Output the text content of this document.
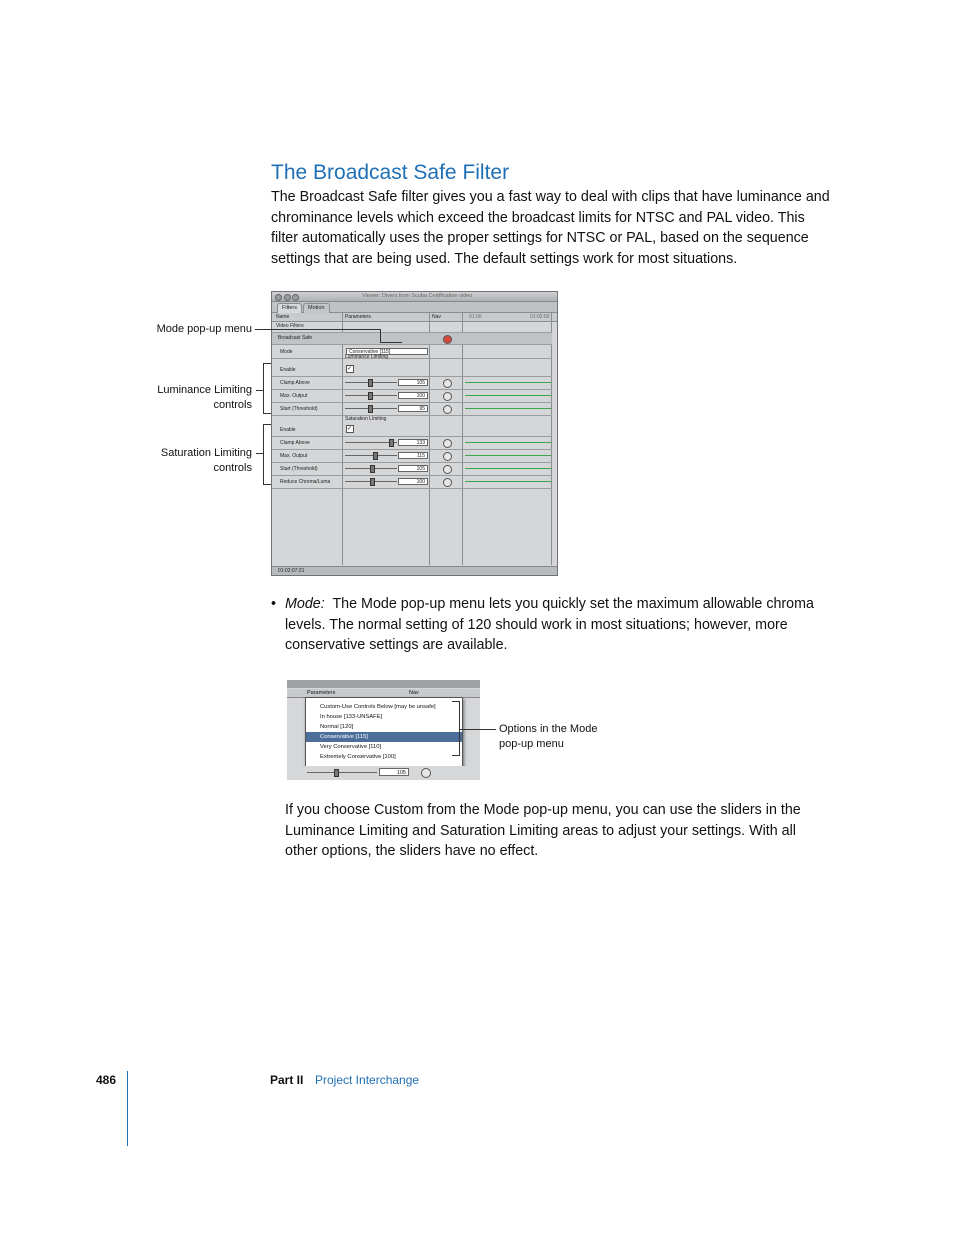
The Broadcast Safe Filter

The Broadcast Safe filter gives you a fast way to deal with clips that have luminance and chrominance levels which exceed the broadcast limits for NTSC and PAL video. This filter automatically uses the proper settings for NTSC or PAL, based on the sequence settings that are being used. The default settings work for most situations.

Viewer: Divers from Scuba Certification video
Filters	Motion
Name	Parameters	Nav	01:00	01:02:00
Video Filters
Broadcast Safe
Mode	Conservative [115]
Luminance Limiting
Enable	✓
Clamp Above	105
Max. Output	100
Start (Threshold)	95
Saturation Limiting
Enable	✓
Clamp Above	133
Max. Output	115
Start (Threshold)	105
Reduce Chroma/Luma	100
01:02:07:21
Mode pop-up menu
Luminance Limiting
controls
Saturation Limiting
controls
• Mode: The Mode pop-up menu lets you quickly set the maximum allowable chroma levels. The normal setting of 120 should work in most situations; however, more conservative settings are available.
Parameters	Nav
Custom-Use Controls Below [may be unsafe]
In house [133-UNSAFE]
Normal [120]
Conservative [115]
Very Conservative [110]
Extremely Conservative [100]
105
Options in the Mode
pop-up menu

If you choose Custom from the Mode pop-up menu, you can use the sliders in the Luminance Limiting and Saturation Limiting areas to adjust your settings. With all other options, the sliders have no effect.

486	Part II Project Interchange
